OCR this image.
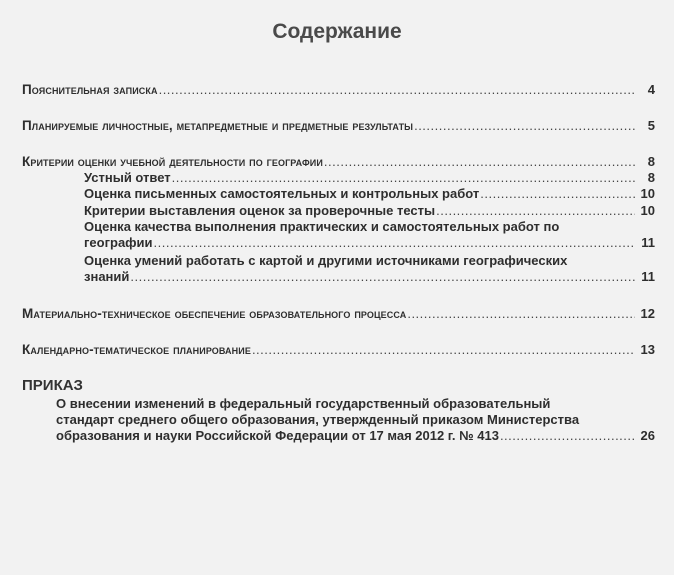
Содержание
Пояснительная записка .....	4
Планируемые личностные, метапредметные и предметные результаты .....	5
Критерии оценки учебной деятельности по географии .....	8
Устный ответ .....	8
Оценка письменных самостоятельных и контрольных работ .....	10
Критерии выставления оценок за проверочные тесты .....	10
Оценка качества выполнения практических и самостоятельных работ по
географии .....	11
Оценка умений работать с картой и другими источниками географических
знаний .....	11
Материально-техническое обеспечение образовательного процесса .....	12
Календарно-тематическое планирование .....	13
ПРИКАЗ
О внесении изменений в федеральный государственный образовательный
стандарт среднего общего образования, утвержденный приказом Министерства
образования и науки Российской Федерации от 17 мая 2012 г. № 413 .....	26
